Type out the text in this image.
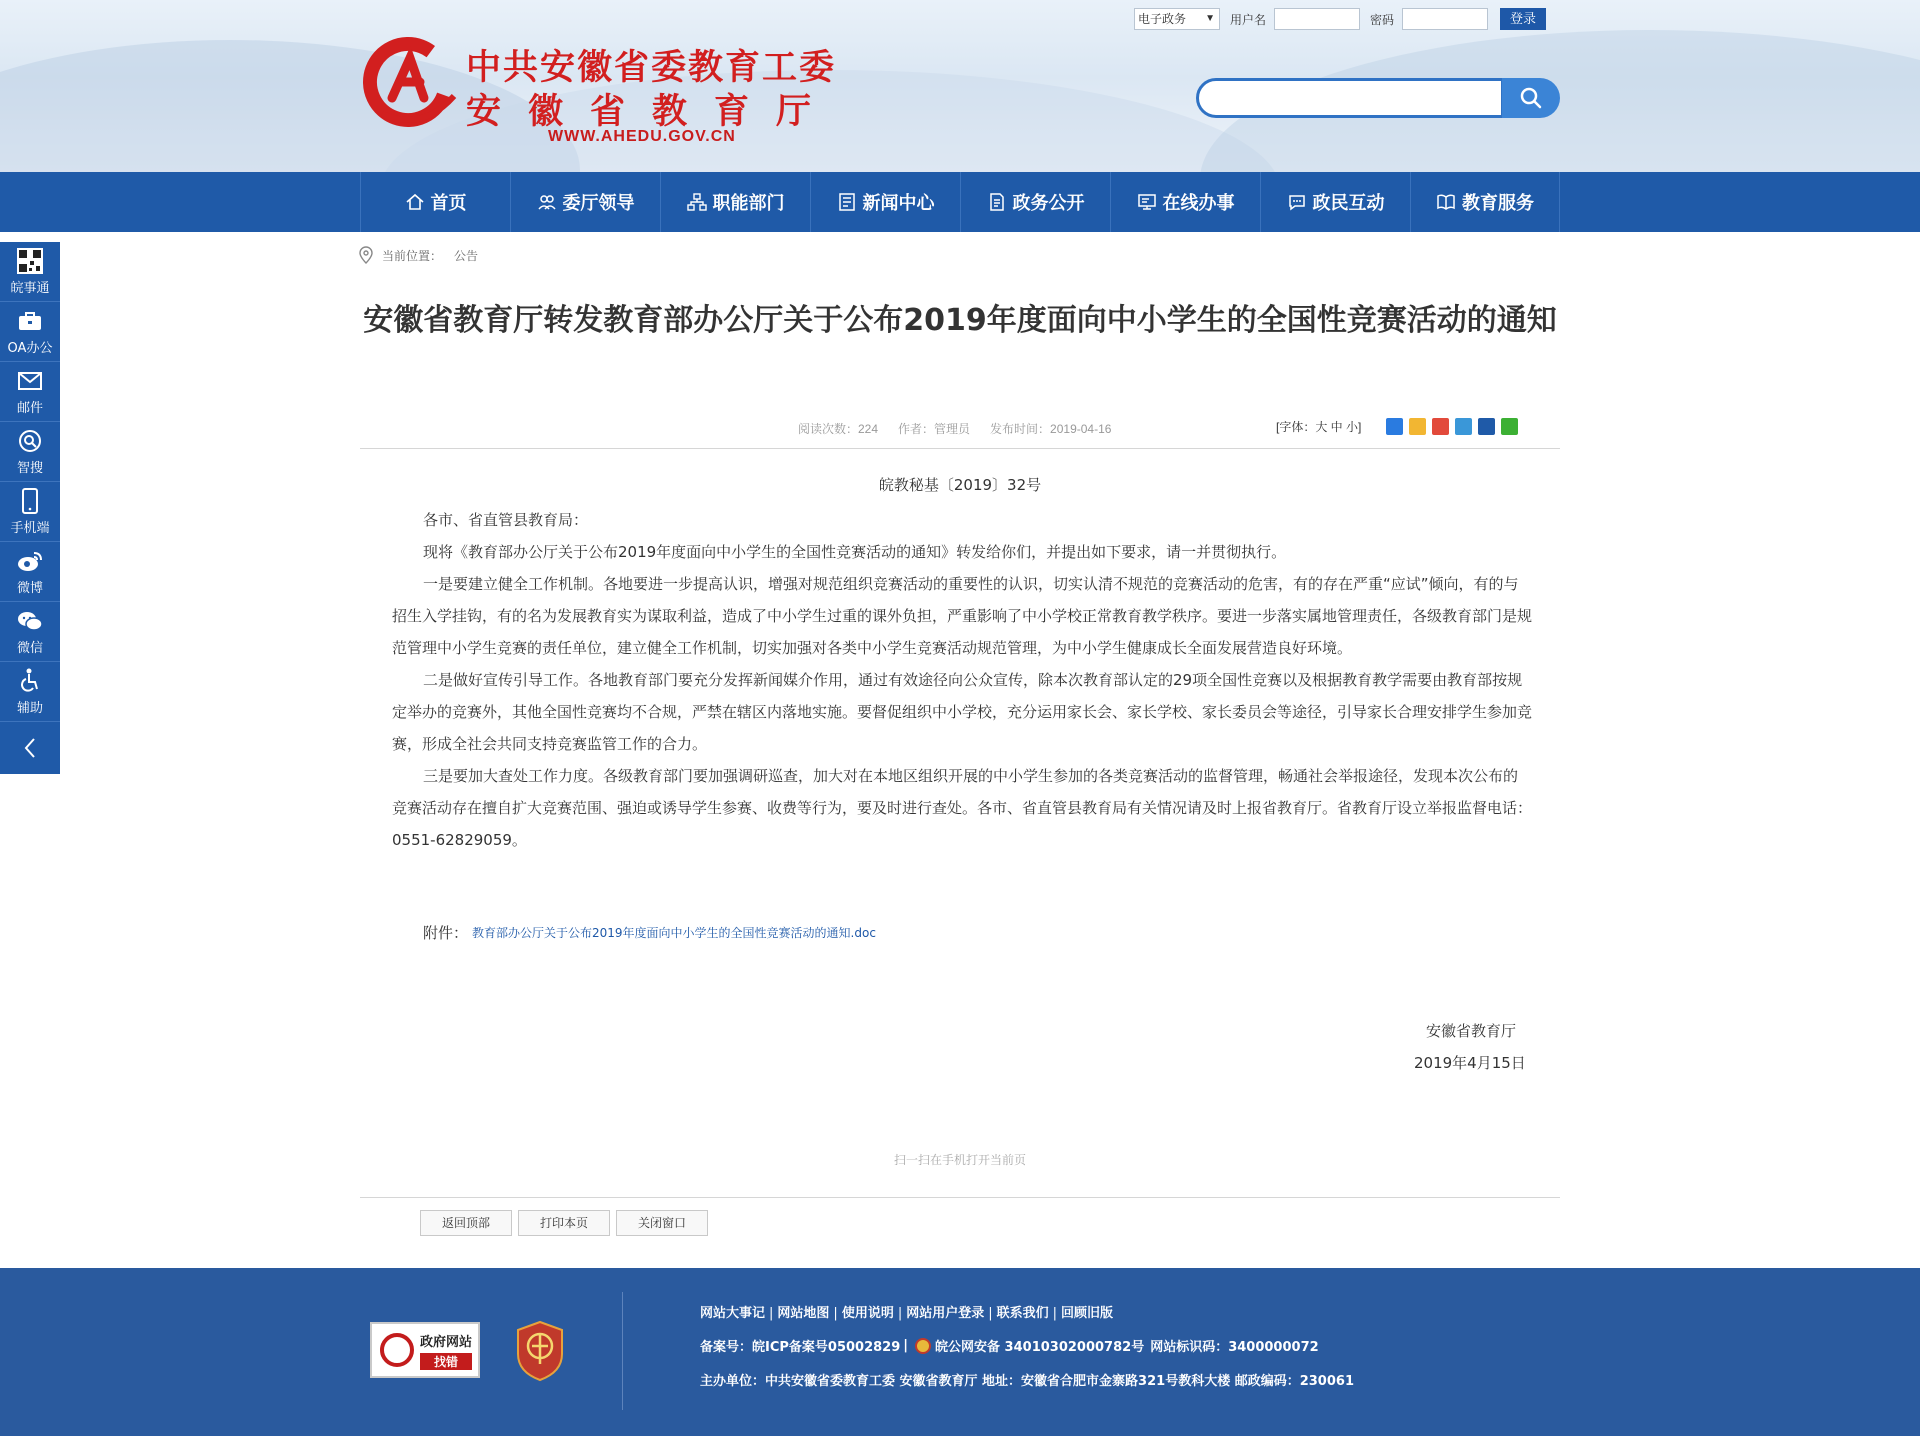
中共安徽省委教育工委
安徽省教育厅
WWW.AHEDU.GOV.CN
电子政务 ▼ 用户名	密码	登录
首页	委厅领导	职能部门	新闻中心	政务公开	在线办事	政民互动	教育服务
皖事通
OA办公
邮件
智搜
手机端
微博
微信
辅助
当前位置： 公告
安徽省教育厅转发教育部办公厅关于公布2019年度面向中小学生的全国性竞赛活动的通知
阅读次数：224 作者：管理员 发布时间：2019-04-16	[字体：大 中 小]
皖教秘基〔2019〕32号

各市、省直管县教育局：

现将《教育部办公厅关于公布2019年度面向中小学生的全国性竞赛活动的通知》转发给你们，并提出如下要求，请一并贯彻执行。

一是要建立健全工作机制。各地要进一步提高认识，增强对规范组织竞赛活动的重要性的认识，切实认清不规范的竞赛活动的危害，有的存在严重“应试”倾向，有的与招生入学挂钩，有的名为发展教育实为谋取利益，造成了中小学生过重的课外负担，严重影响了中小学校正常教育教学秩序。要进一步落实属地管理责任，各级教育部门是规范管理中小学生竞赛的责任单位，建立健全工作机制，切实加强对各类中小学生竞赛活动规范管理，为中小学生健康成长全面发展营造良好环境。

二是做好宣传引导工作。各地教育部门要充分发挥新闻媒介作用，通过有效途径向公众宣传，除本次教育部认定的29项全国性竞赛以及根据教育教学需要由教育部按规定举办的竞赛外，其他全国性竞赛均不合规，严禁在辖区内落地实施。要督促组织中小学校，充分运用家长会、家长学校、家长委员会等途径，引导家长合理安排学生参加竞赛，形成全社会共同支持竞赛监管工作的合力。

三是要加大查处工作力度。各级教育部门要加强调研巡查，加大对在本地区组织开展的中小学生参加的各类竞赛活动的监督管理，畅通社会举报途径，发现本次公布的竞赛活动存在擅自扩大竞赛范围、强迫或诱导学生参赛、收费等行为，要及时进行查处。各市、省直管县教育局有关情况请及时上报省教育厅。省教育厅设立举报监督电话：0551-62829059。

附件： 教育部办公厅关于公布2019年度面向中小学生的全国性竞赛活动的通知.doc
安徽省教育厅
2019年4月15日
扫一扫在手机打开当前页
返回顶部	打印本页	关闭窗口
政府网站
找错
网站大事记 | 网站地图 | 使用说明 | 网站用户登录 | 联系我们 | 回顾旧版
备案号：皖ICP备案号05002829 | 皖公网安备 34010302000782号 网站标识码：3400000072
主办单位：中共安徽省委教育工委 安徽省教育厅 地址：安徽省合肥市金寨路321号教科大楼 邮政编码：230061
